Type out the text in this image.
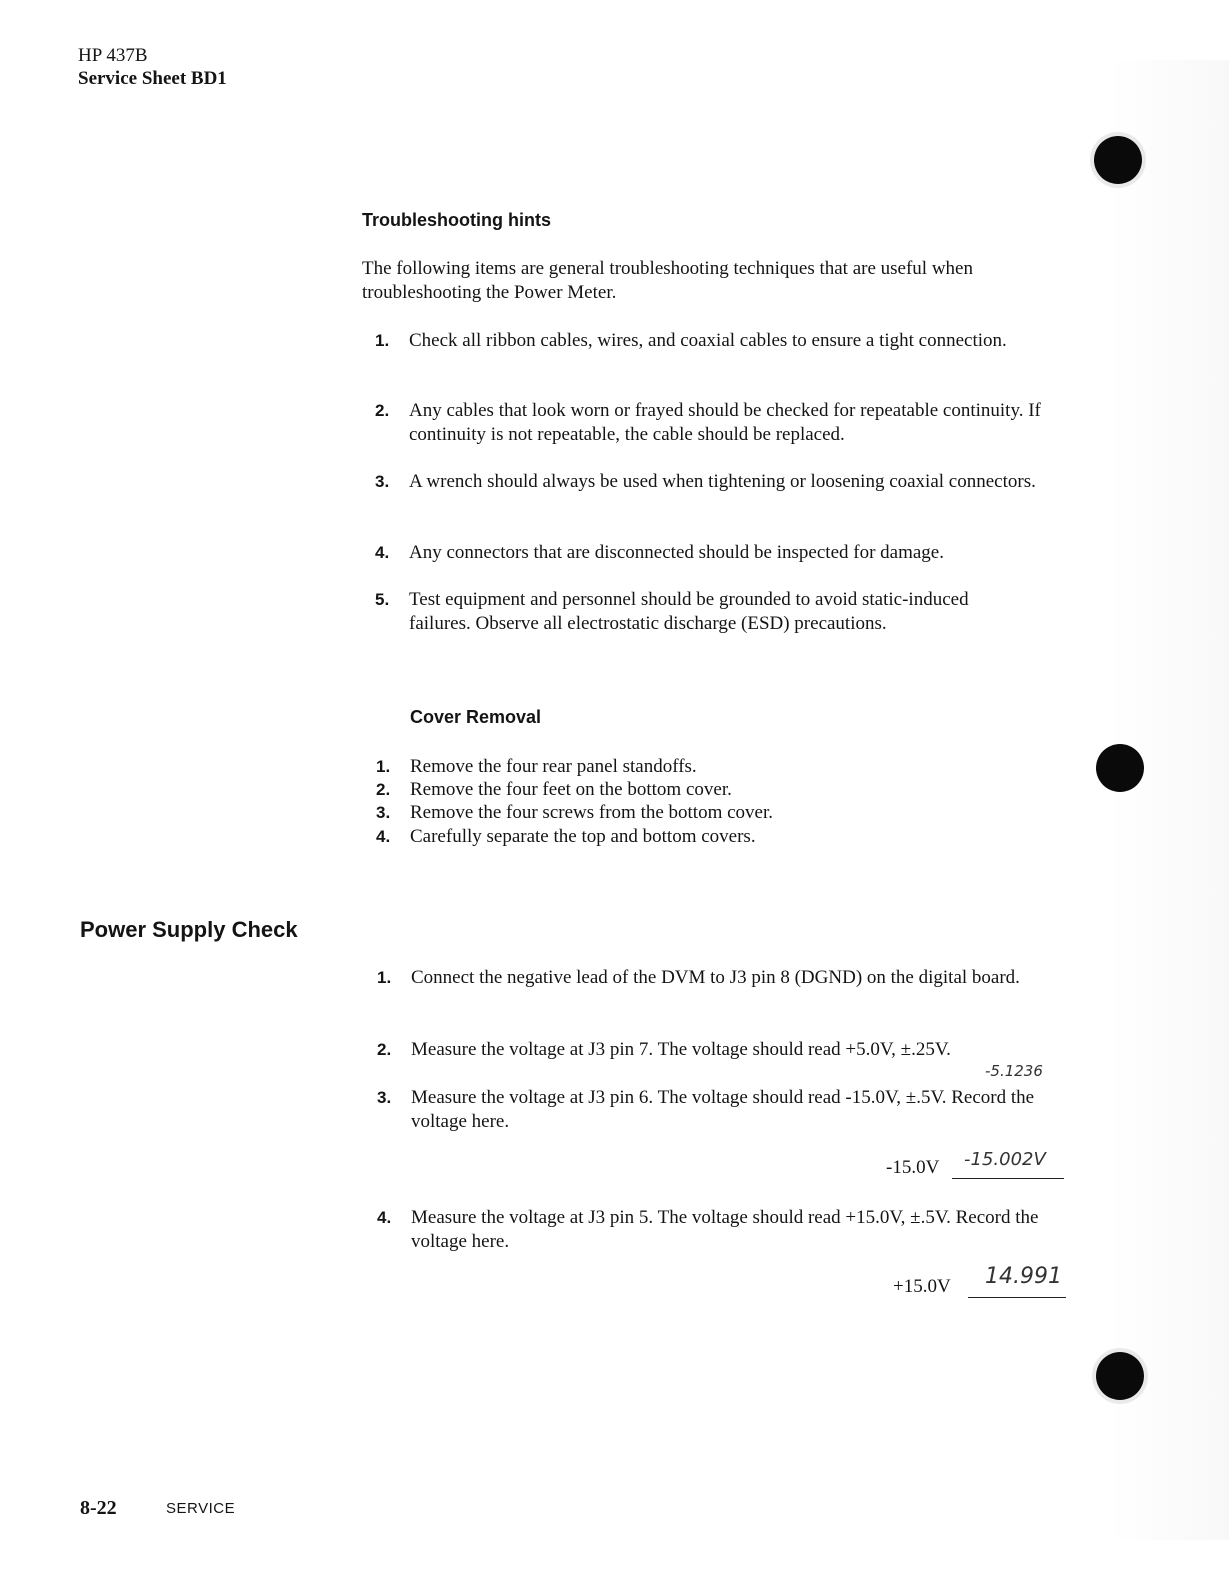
HP 437B
Service Sheet BD1
Troubleshooting hints
The following items are general troubleshooting techniques that are useful when troubleshooting the Power Meter.
1.	Check all ribbon cables, wires, and coaxial cables to ensure a tight connection.
2.	Any cables that look worn or frayed should be checked for repeatable continuity. If continuity is not repeatable, the cable should be replaced.
3.	A wrench should always be used when tightening or loosening coaxial connectors.
4.	Any connectors that are disconnected should be inspected for damage.
5.	Test equipment and personnel should be grounded to avoid static-induced failures. Observe all electrostatic discharge (ESD) precautions.
Cover Removal
1.	Remove the four rear panel standoffs.
2.	Remove the four feet on the bottom cover.
3.	Remove the four screws from the bottom cover.
4.	Carefully separate the top and bottom covers.
Power Supply Check
1.	Connect the negative lead of the DVM to J3 pin 8 (DGND) on the digital board.
2.	Measure the voltage at J3 pin 7. The voltage should read +5.0V, ±.25V.
-5.1236
3.	Measure the voltage at J3 pin 6. The voltage should read -15.0V, ±.5V. Record the voltage here.
-15.0V -15.002V
4.	Measure the voltage at J3 pin 5. The voltage should read +15.0V, ±.5V. Record the voltage here.
+15.0V 14.991
8-22	SERVICE
